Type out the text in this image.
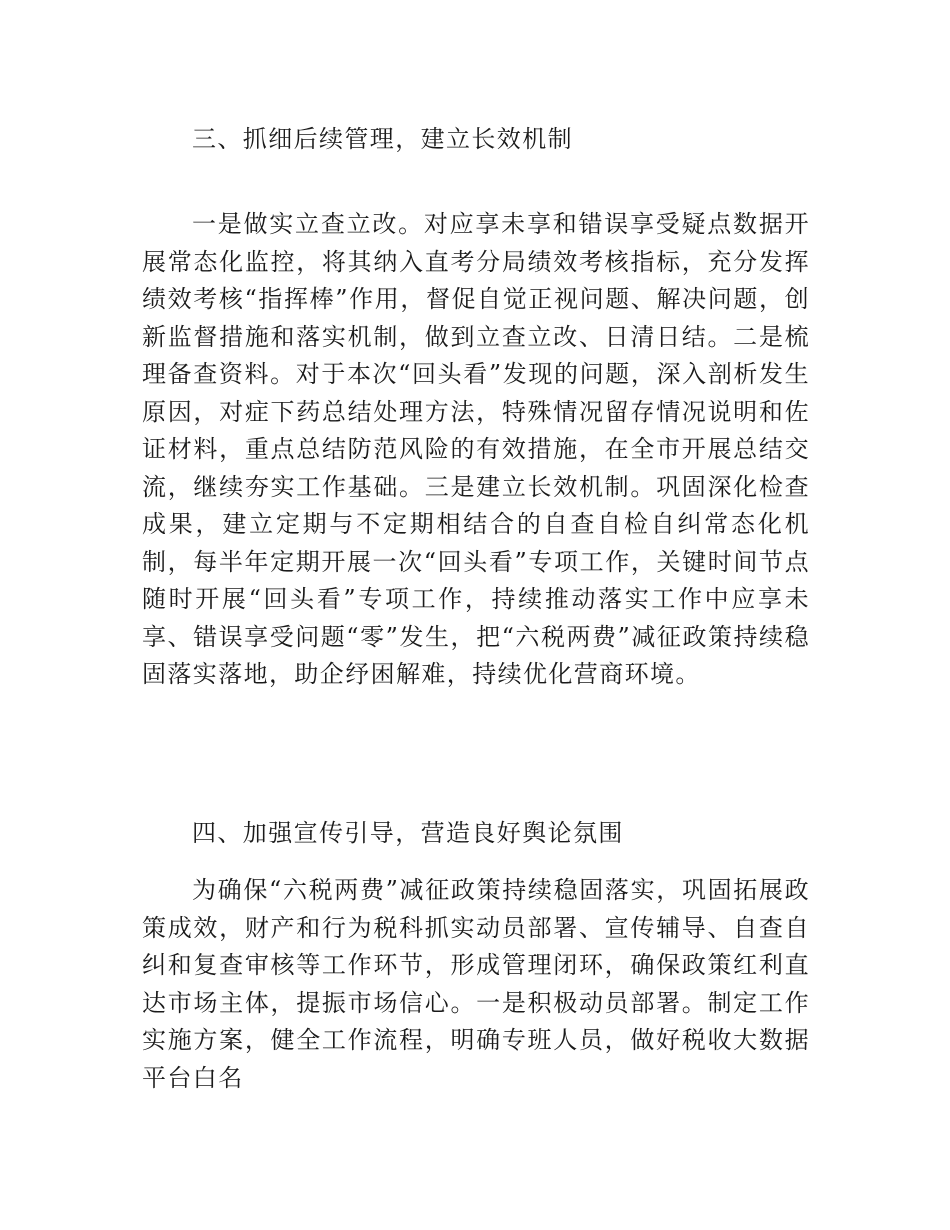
三、抓细后续管理，建立长效机制
一是做实立查立改。对应享未享和错误享受疑点数据开展常态化监控，将其纳入直考分局绩效考核指标，充分发挥绩效考核“指挥棒”作用，督促自觉正视问题、解决问题，创新监督措施和落实机制，做到立查立改、日清日结。二是梳理备查资料。对于本次“回头看”发现的问题，深入剖析发生原因，对症下药总结处理方法，特殊情况留存情况说明和佐证材料，重点总结防范风险的有效措施，在全市开展总结交流，继续夯实工作基础。三是建立长效机制。巩固深化检查成果，建立定期与不定期相结合的自查自检自纠常态化机制，每半年定期开展一次“回头看”专项工作，关键时间节点随时开展“回头看”专项工作，持续推动落实工作中应享未享、错误享受问题“零”发生，把“六税两费”减征政策持续稳固落实落地，助企纾困解难，持续优化营商环境。
四、加强宣传引导，营造良好舆论氛围
为确保“六税两费”减征政策持续稳固落实，巩固拓展政策成效，财产和行为税科抓实动员部署、宣传辅导、自查自纠和复查审核等工作环节，形成管理闭环，确保政策红利直达市场主体，提振市场信心。一是积极动员部署。制定工作实施方案，健全工作流程，明确专班人员，做好税收大数据平台白名
